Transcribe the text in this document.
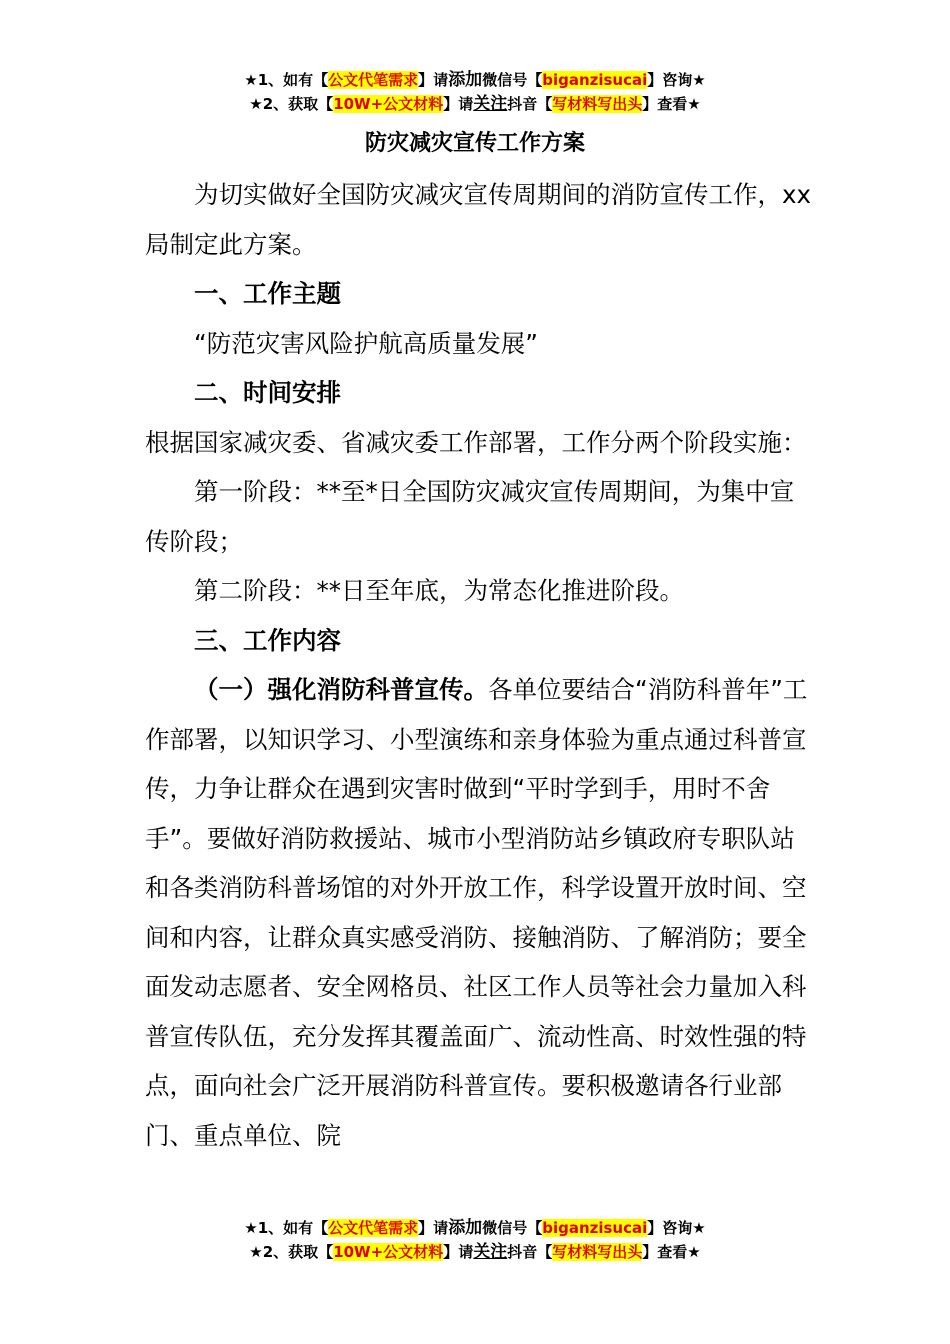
★1、如有【公文代笔需求】请添加微信号【biganzisucai】咨询★
★2、获取【10W+公文材料】请关注抖音【写材料写出头】查看★
防灾减灾宣传工作方案

为切实做好全国防灾减灾宣传周期间的消防宣传工作，xx局制定此方案。

一、工作主题

“防范灾害风险护航高质量发展”

二、时间安排

根据国家减灾委、省减灾委工作部署，工作分两个阶段实施：

第一阶段：**至*日全国防灾减灾宣传周期间，为集中宣传阶段；

第二阶段：**日至年底，为常态化推进阶段。

三、工作内容

（一）强化消防科普宣传。各单位要结合“消防科普年”工作部署，以知识学习、小型演练和亲身体验为重点通过科普宣传，力争让群众在遇到灾害时做到“平时学到手，用时不舍手”。要做好消防救援站、城市小型消防站乡镇政府专职队站和各类消防科普场馆的对外开放工作，科学设置开放时间、空间和内容，让群众真实感受消防、接触消防、了解消防；要全面发动志愿者、安全网格员、社区工作人员等社会力量加入科普宣传队伍，充分发挥其覆盖面广、流动性高、时效性强的特点，面向社会广泛开展消防科普宣传。要积极邀请各行业部门、重点单位、院

★1、如有【公文代笔需求】请添加微信号【biganzisucai】咨询★
★2、获取【10W+公文材料】请关注抖音【写材料写出头】查看★
